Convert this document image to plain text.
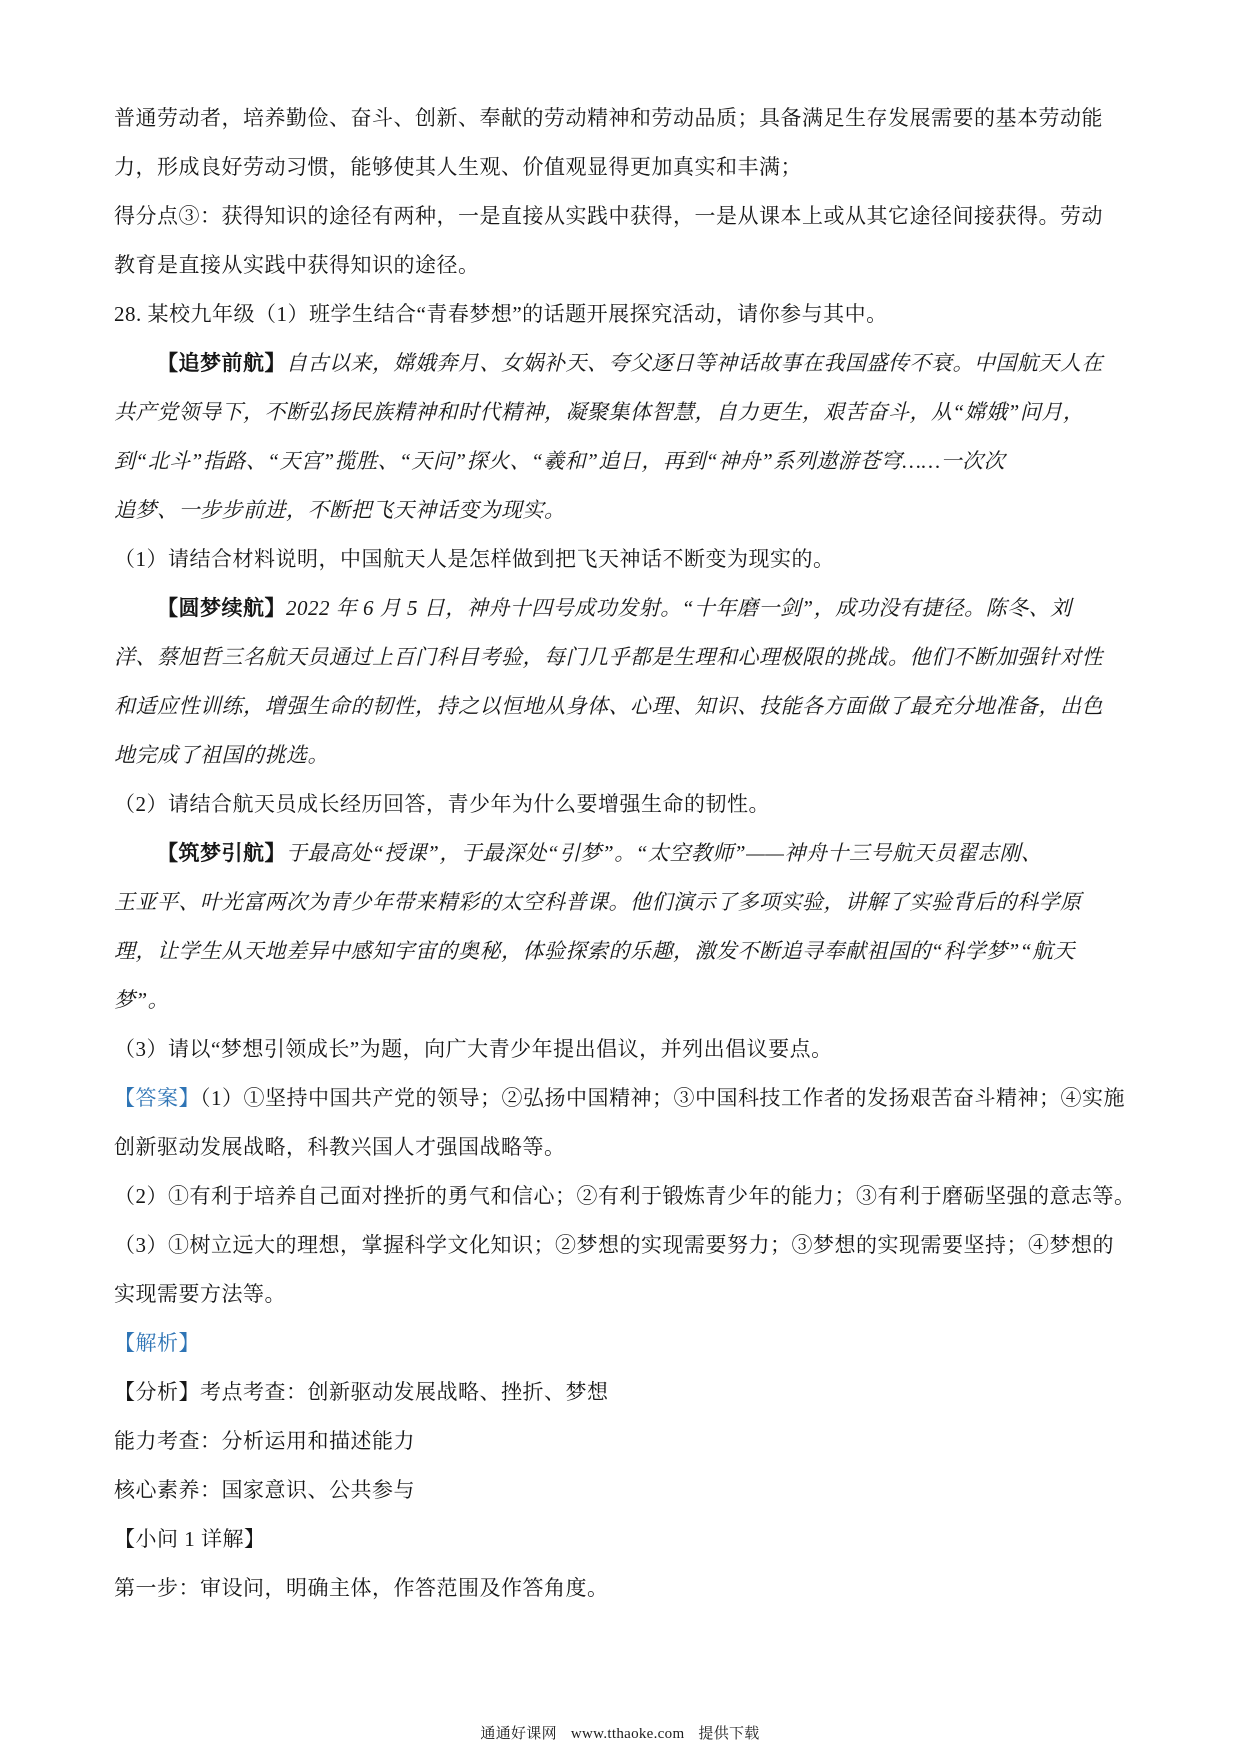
普通劳动者，培养勤俭、奋斗、创新、奉献的劳动精神和劳动品质；具备满足生存发展需要的基本劳动能
力，形成良好劳动习惯，能够使其人生观、价值观显得更加真实和丰满；
得分点③：获得知识的途径有两种，一是直接从实践中获得，一是从课本上或从其它途径间接获得。劳动
教育是直接从实践中获得知识的途径。
28. 某校九年级（1）班学生结合“青春梦想”的话题开展探究活动，请你参与其中。
【追梦前航】自古以来，嫦娥奔月、女娲补天、夸父逐日等神话故事在我国盛传不衰。中国航天人在
共产党领导下，不断弘扬民族精神和时代精神，凝聚集体智慧，自力更生，艰苦奋斗，从“嫦娥”问月，
到“北斗”指路、“天宫”揽胜、“天问”探火、“羲和”追日，再到“神舟”系列遨游苍穹……一次次
追梦、一步步前进，不断把飞天神话变为现实。
（1）请结合材料说明，中国航天人是怎样做到把飞天神话不断变为现实的。
【圆梦续航】2022 年 6 月 5 日，神舟十四号成功发射。“十年磨一剑”，成功没有捷径。陈冬、刘
洋、蔡旭哲三名航天员通过上百门科目考验，每门几乎都是生理和心理极限的挑战。他们不断加强针对性
和适应性训练，增强生命的韧性，持之以恒地从身体、心理、知识、技能各方面做了最充分地准备，出色
地完成了祖国的挑选。
（2）请结合航天员成长经历回答，青少年为什么要增强生命的韧性。
【筑梦引航】于最高处“授课”，于最深处“引梦”。“太空教师”——神舟十三号航天员翟志刚、
王亚平、叶光富两次为青少年带来精彩的太空科普课。他们演示了多项实验，讲解了实验背后的科学原
理，让学生从天地差异中感知宇宙的奥秘，体验探索的乐趣，激发不断追寻奉献祖国的“科学梦”“航天
梦”。
（3）请以“梦想引领成长”为题，向广大青少年提出倡议，并列出倡议要点。
【答案】（1）①坚持中国共产党的领导；②弘扬中国精神；③中国科技工作者的发扬艰苦奋斗精神；④实施
创新驱动发展战略，科教兴国人才强国战略等。
（2）①有利于培养自己面对挫折的勇气和信心；②有利于锻炼青少年的能力；③有利于磨砺坚强的意志等。
（3）①树立远大的理想，掌握科学文化知识；②梦想的实现需要努力；③梦想的实现需要坚持；④梦想的
实现需要方法等。
【解析】
【分析】考点考查：创新驱动发展战略、挫折、梦想
能力考查：分析运用和描述能力
核心素养：国家意识、公共参与
【小问 1 详解】
第一步：审设问，明确主体，作答范围及作答角度。
通通好课网 www.tthaoke.com 提供下载
